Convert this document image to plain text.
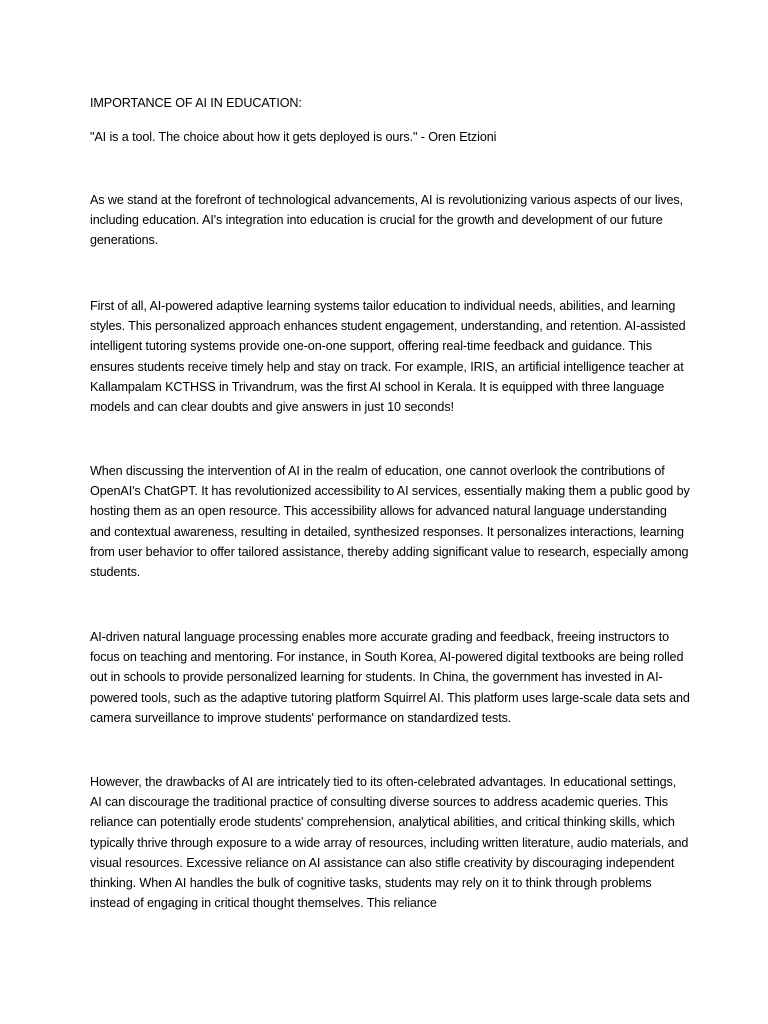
IMPORTANCE OF AI IN EDUCATION:

"AI is a tool. The choice about how it gets deployed is ours." - Oren Etzioni

As we stand at the forefront of technological advancements, AI is revolutionizing various aspects of our lives, including education. AI's integration into education is crucial for the growth and development of our future generations.

First of all, AI-powered adaptive learning systems tailor education to individual needs, abilities, and learning styles. This personalized approach enhances student engagement, understanding, and retention. AI-assisted intelligent tutoring systems provide one-on-one support, offering real-time feedback and guidance. This ensures students receive timely help and stay on track. For example, IRIS, an artificial intelligence teacher at Kallampalam KCTHSS in Trivandrum, was the first AI school in Kerala. It is equipped with three language models and can clear doubts and give answers in just 10 seconds!

When discussing the intervention of AI in the realm of education, one cannot overlook the contributions of OpenAI's ChatGPT. It has revolutionized accessibility to AI services, essentially making them a public good by hosting them as an open resource. This accessibility allows for advanced natural language understanding and contextual awareness, resulting in detailed, synthesized responses. It personalizes interactions, learning from user behavior to offer tailored assistance, thereby adding significant value to research, especially among students.

AI-driven natural language processing enables more accurate grading and feedback, freeing instructors to focus on teaching and mentoring. For instance, in South Korea, AI-powered digital textbooks are being rolled out in schools to provide personalized learning for students. In China, the government has invested in AI-powered tools, such as the adaptive tutoring platform Squirrel AI. This platform uses large-scale data sets and camera surveillance to improve students' performance on standardized tests.

However, the drawbacks of AI are intricately tied to its often-celebrated advantages. In educational settings, AI can discourage the traditional practice of consulting diverse sources to address academic queries. This reliance can potentially erode students' comprehension, analytical abilities, and critical thinking skills, which typically thrive through exposure to a wide array of resources, including written literature, audio materials, and visual resources. Excessive reliance on AI assistance can also stifle creativity by discouraging independent thinking. When AI handles the bulk of cognitive tasks, students may rely on it to think through problems instead of engaging in critical thought themselves. This reliance
